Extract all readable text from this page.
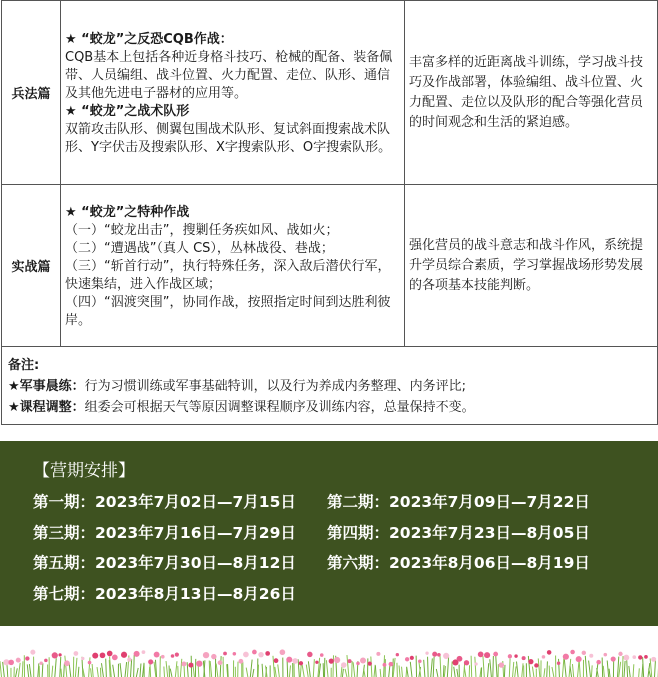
兵法篇	★ “蛟龙”之反恐CQB作战：
CQB基本上包括各种近身格斗技巧、枪械的配备、装备佩带、人员编组、战斗位置、火力配置、走位、队形、通信及其他先进电子器材的应用等。
★ “蛟龙”之战术队形
双箭攻击队形、侧翼包围战术队形、复试斜面搜索战术队形、Y字伏击及搜索队形、X字搜索队形、O字搜索队形。	丰富多样的近距离战斗训练，学习战斗技巧及作战部署，体验编组、战斗位置、火力配置、走位以及队形的配合等强化营员的时间观念和生活的紧迫感。
实战篇	★ “蛟龙”之特种作战
（一）“蛟龙出击”，搜剿任务疾如风、战如火；
（二）“遭遇战”（真人 CS），丛林战役、巷战；
（三）“斩首行动”，执行特殊任务，深入敌后潜伏行军，快速集结，进入作战区域；
（四）“泅渡突围”，协同作战，按照指定时间到达胜利彼岸。	强化营员的战斗意志和战斗作风，系统提升学员综合素质，学习掌握战场形势发展的各项基本技能判断。

备注:
★军事晨练：行为习惯训练或军事基础特训，以及行为养成内务整理、内务评比;
★课程调整：组委会可根据天气等原因调整课程顺序及训练内容，总量保持不变。		
【营期安排】
第一期：2023年7月02日—7月15日	第二期：2023年7月09日—7月22日
第三期：2023年7月16日—7月29日	第四期：2023年7月23日—8月05日
第五期：2023年7月30日—8月12日	第六期：2023年8月06日—8月19日
第七期：2023年8月13日—8月26日
